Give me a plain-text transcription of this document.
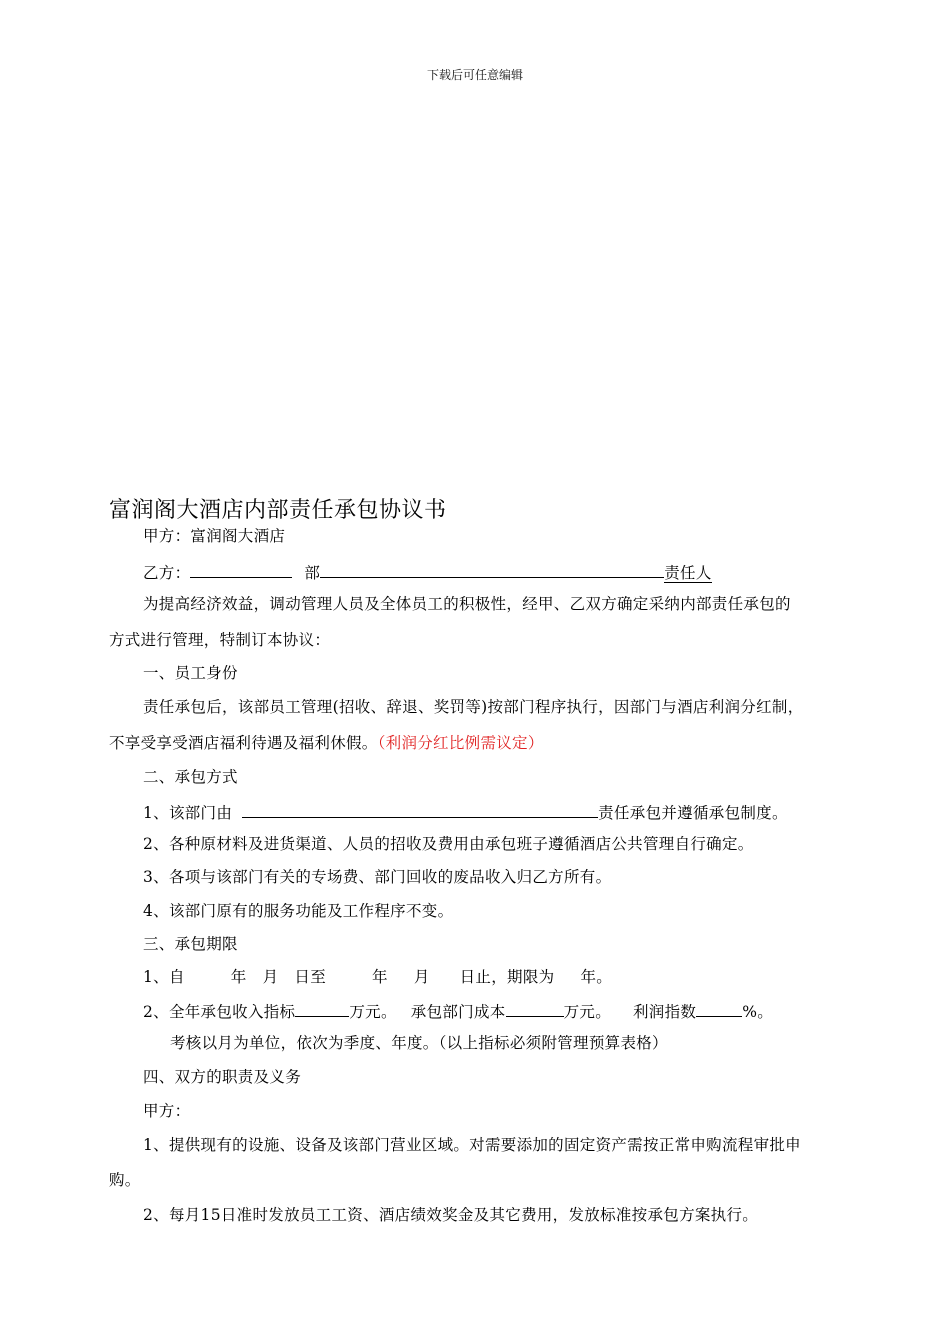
下载后可任意编辑
富润阁大酒店内部责任承包协议书
甲方：富润阁大酒店
乙方：	部	责任人
为提高经济效益，调动管理人员及全体员工的积极性，经甲、乙双方确定采纳内部责任承包的
方式进行管理，特制订本协议：
一、员工身份
责任承包后，该部员工管理(招收、辞退、奖罚等)按部门程序执行，因部门与酒店利润分红制，
不享受享受酒店福利待遇及福利休假。（利润分红比例需议定）
二、承包方式
1、该部门由	责任承包并遵循承包制度。
2、各种原材料及进货渠道、人员的招收及费用由承包班子遵循酒店公共管理自行确定。
3、各项与该部门有关的专场费、部门回收的废品收入归乙方所有。
4、该部门原有的服务功能及工作程序不变。
三、承包期限
1、自	年 月 日至	年 月 日止，期限为 年。
2、全年承包收入指标	万元。 承包部门成本	万元。 利润指数	%。
考核以月为单位，依次为季度、年度。（以上指标必须附管理预算表格）
四、双方的职责及义务
甲方：
1、提供现有的设施、设备及该部门营业区域。对需要添加的固定资产需按正常申购流程审批申
购。
2、每月15日准时发放员工工资、酒店绩效奖金及其它费用，发放标准按承包方案执行。
